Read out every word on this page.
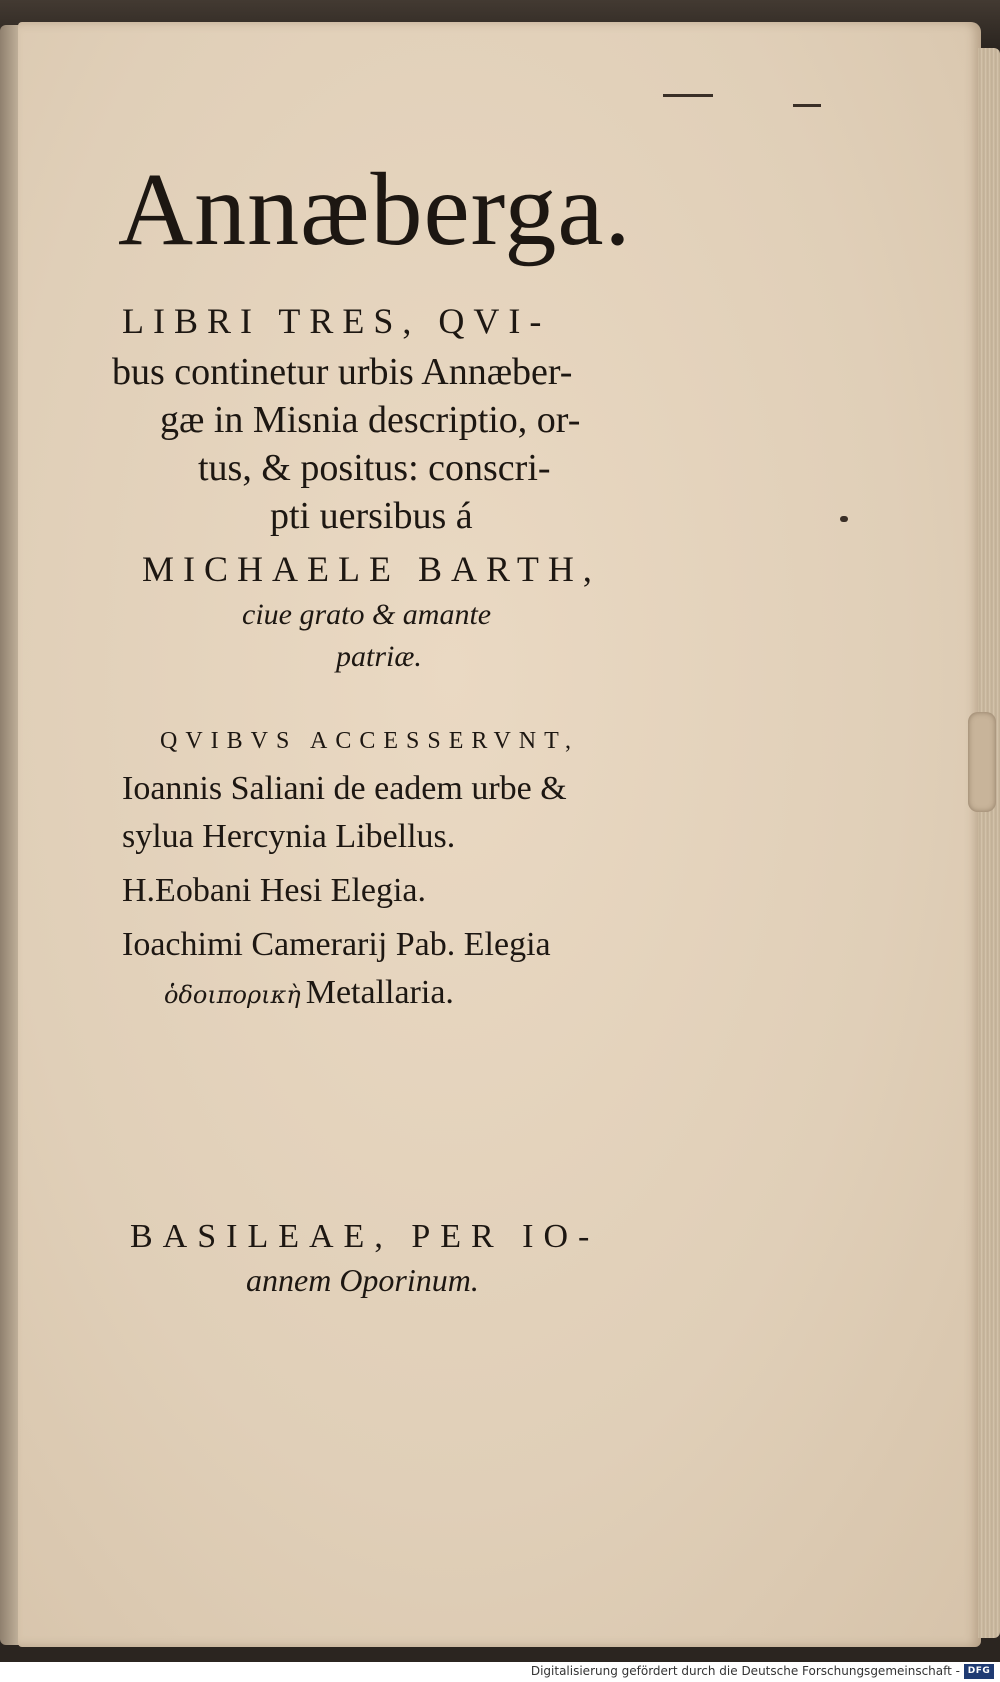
Annæberga.
LIBRI TRES, QVI-
bus continetur urbis Annæber-
gæ in Misnia descriptio, or-
tus, & positus: conscri-
pti uersibus á
MICHAELE BARTH,
ciue grato & amante
patriæ.
QVIBVS ACCESSERVNT,
Ioannis Saliani de eadem urbe &
sylua Hercynia Libellus.
H.Eobani Hesi Elegia.
Ioachimi Camerarij Pab. Elegia
ὁδοιπορικὴ Metallaria.
BASILEAE, PER IO-
annem Oporinum.
Digitalisierung gefördert durch die Deutsche Forschungsgemeinschaft - DFG
